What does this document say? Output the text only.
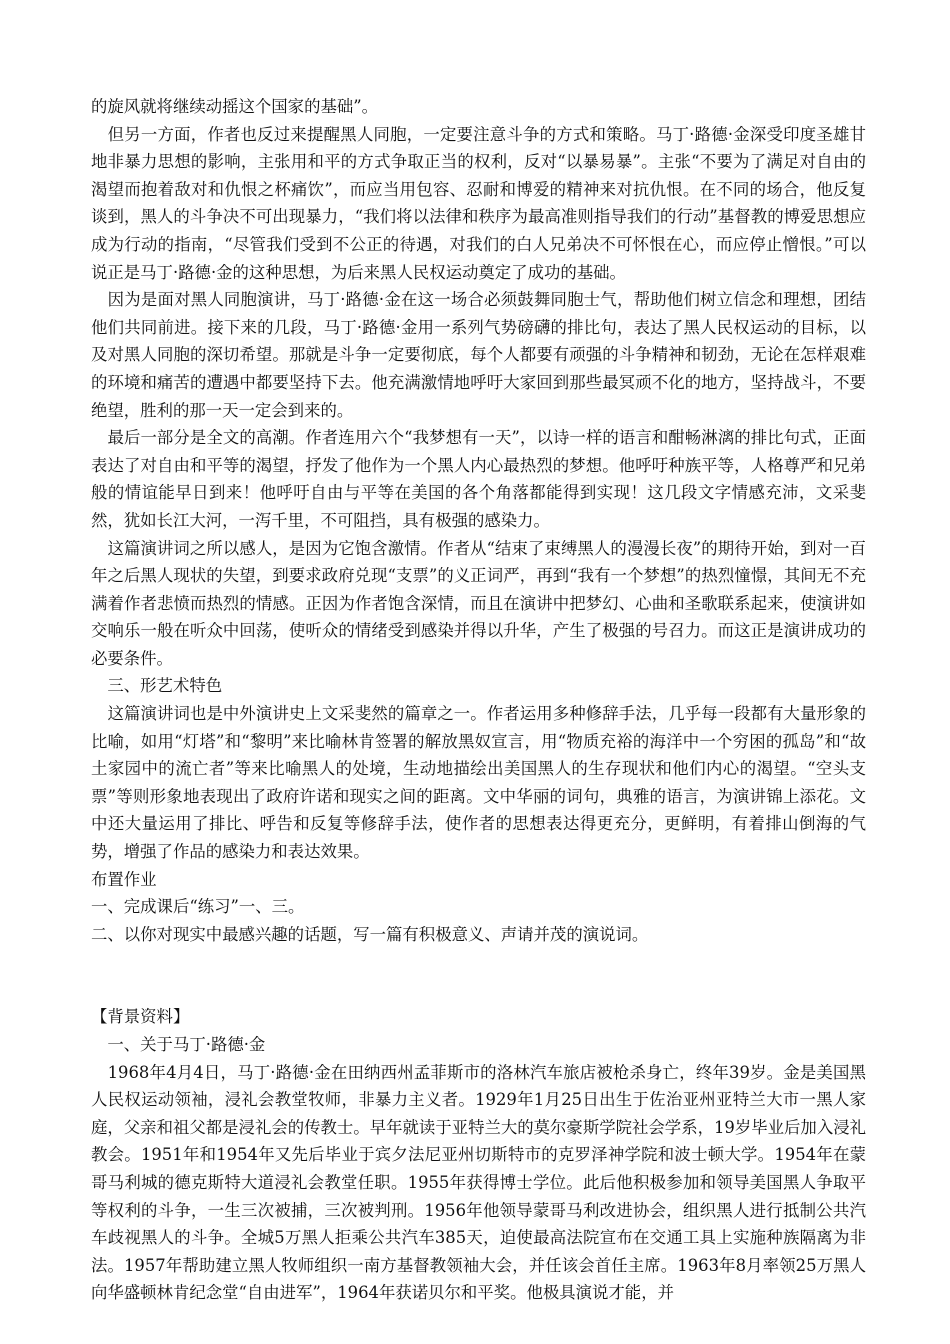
的旋风就将继续动摇这个国家的基础”。

　但另一方面，作者也反过来提醒黑人同胞，一定要注意斗争的方式和策略。马丁·路德·金深受印度圣雄甘地非暴力思想的影响，主张用和平的方式争取正当的权利，反对“以暴易暴”。主张“不要为了满足对自由的渴望而抱着敌对和仇恨之杯痛饮”，而应当用包容、忍耐和博爱的精神来对抗仇恨。在不同的场合，他反复谈到，黑人的斗争决不可出现暴力，“我们将以法律和秩序为最高准则指导我们的行动”基督教的博爱思想应成为行动的指南，“尽管我们受到不公正的待遇，对我们的白人兄弟决不可怀恨在心，而应停止憎恨。”可以说正是马丁·路德·金的这种思想，为后来黑人民权运动奠定了成功的基础。

　因为是面对黑人同胞演讲，马丁·路德·金在这一场合必须鼓舞同胞士气，帮助他们树立信念和理想，团结他们共同前进。接下来的几段，马丁·路德·金用一系列气势磅礴的排比句，表达了黑人民权运动的目标，以及对黑人同胞的深切希望。那就是斗争一定要彻底，每个人都要有顽强的斗争精神和韧劲，无论在怎样艰难的环境和痛苦的遭遇中都要坚持下去。他充满激情地呼吁大家回到那些最冥顽不化的地方，坚持战斗，不要绝望，胜利的那一天一定会到来的。

　最后一部分是全文的高潮。作者连用六个“我梦想有一天”，以诗一样的语言和酣畅淋漓的排比句式，正面表达了对自由和平等的渴望，抒发了他作为一个黑人内心最热烈的梦想。他呼吁种族平等，人格尊严和兄弟般的情谊能早日到来！他呼吁自由与平等在美国的各个角落都能得到实现！这几段文字情感充沛，文采斐然，犹如长江大河，一泻千里，不可阻挡，具有极强的感染力。

　这篇演讲词之所以感人，是因为它饱含激情。作者从“结束了束缚黑人的漫漫长夜”的期待开始，到对一百年之后黑人现状的失望，到要求政府兑现“支票”的义正词严，再到“我有一个梦想”的热烈憧憬，其间无不充满着作者悲愤而热烈的情感。正因为作者饱含深情，而且在演讲中把梦幻、心曲和圣歌联系起来，使演讲如交响乐一般在听众中回荡，使听众的情绪受到感染并得以升华，产生了极强的号召力。而这正是演讲成功的必要条件。

　三、形艺术特色

　这篇演讲词也是中外演讲史上文采斐然的篇章之一。作者运用多种修辞手法，几乎每一段都有大量形象的比喻，如用“灯塔”和“黎明”来比喻林肯签署的解放黑奴宣言，用“物质充裕的海洋中一个穷困的孤岛”和“故土家园中的流亡者”等来比喻黑人的处境，生动地描绘出美国黑人的生存现状和他们内心的渴望。“空头支票”等则形象地表现出了政府许诺和现实之间的距离。文中华丽的词句，典雅的语言，为演讲锦上添花。文中还大量运用了排比、呼告和反复等修辞手法，使作者的思想表达得更充分，更鲜明，有着排山倒海的气势，增强了作品的感染力和表达效果。

布置作业

一、完成课后“练习”一、三。

二、以你对现实中最感兴趣的话题，写一篇有积极意义、声请并茂的演说词。

【背景资料】

　一、关于马丁·路德·金

　1968年4月4日，马丁·路德·金在田纳西州孟菲斯市的洛林汽车旅店被枪杀身亡，终年39岁。金是美国黑人民权运动领袖，浸礼会教堂牧师，非暴力主义者。1929年1月25日出生于佐治亚州亚特兰大市一黑人家庭，父亲和祖父都是浸礼会的传教士。早年就读于亚特兰大的莫尔豪斯学院社会学系，19岁毕业后加入浸礼教会。1951年和1954年又先后毕业于宾夕法尼亚州切斯特市的克罗泽神学院和波士顿大学。1954年在蒙哥马利城的德克斯特大道浸礼会教堂任职。1955年获得博士学位。此后他积极参加和领导美国黑人争取平等权利的斗争，一生三次被捕，三次被判刑。1956年他领导蒙哥马利改进协会，组织黑人进行抵制公共汽车歧视黑人的斗争。全城5万黑人拒乘公共汽车385天，迫使最高法院宣布在交通工具上实施种族隔离为非法。1957年帮助建立黑人牧师组织一南方基督教领袖大会，并任该会首任主席。1963年8月率领25万黑人向华盛顿林肯纪念堂“自由进军”，1964年获诺贝尔和平奖。他极具演说才能，并
